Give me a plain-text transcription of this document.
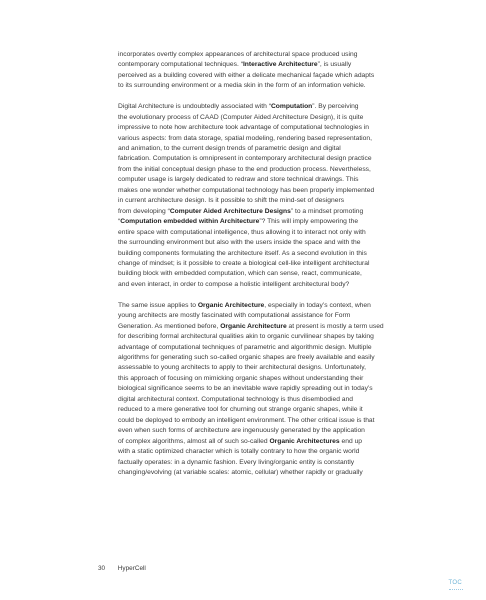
incorporates overtly complex appearances of architectural space produced using
contemporary computational techniques. “Interactive Architecture”, is usually
perceived as a building covered with either a delicate mechanical façade which adapts
to its surrounding environment or a media skin in the form of an information vehicle.
Digital Architecture is undoubtedly associated with “Computation”. By perceiving
the evolutionary process of CAAD (Computer Aided Architecture Design), it is quite
impressive to note how architecture took advantage of computational technologies in
various aspects: from data storage, spatial modeling, rendering based representation,
and animation, to the current design trends of parametric design and digital
fabrication. Computation is omnipresent in contemporary architectural design practice
from the initial conceptual design phase to the end production process. Nevertheless,
computer usage is largely dedicated to redraw and store technical drawings. This
makes one wonder whether computational technology has been properly implemented
in current architecture design. Is it possible to shift the mind-set of designers
from developing “Computer Aided Architecture Designs” to a mindset promoting
“Computation embedded within Architecture”? This will imply empowering the
entire space with computational intelligence, thus allowing it to interact not only with
the surrounding environment but also with the users inside the space and with the
building components formulating the architecture itself. As a second evolution in this
change of mindset; is it possible to create a biological cell-like intelligent architectural
building block with embedded computation, which can sense, react, communicate,
and even interact, in order to compose a holistic intelligent architectural body?
The same issue applies to Organic Architecture, especially in today’s context, when
young architects are mostly fascinated with computational assistance for Form
Generation. As mentioned before, Organic Architecture at present is mostly a term used
for describing formal architectural qualities akin to organic curvilinear shapes by taking
advantage of computational techniques of parametric and algorithmic design. Multiple
algorithms for generating such so-called organic shapes are freely available and easily
assessable to young architects to apply to their architectural designs. Unfortunately,
this approach of focusing on mimicking organic shapes without understanding their
biological significance seems to be an inevitable wave rapidly spreading out in today’s
digital architectural context. Computational technology is thus disembodied and
reduced to a mere generative tool for churning out strange organic shapes, while it
could be deployed to embody an intelligent environment. The other critical issue is that
even when such forms of architecture are ingenuously generated by the application
of complex algorithms, almost all of such so-called Organic Architectures end up
with a static optimized character which is totally contrary to how the organic world
factually operates: in a dynamic fashion. Every living/organic entity is constantly
changing/evolving (at variable scales: atomic, cellular) whether rapidly or gradually
30 HyperCell
TOC
